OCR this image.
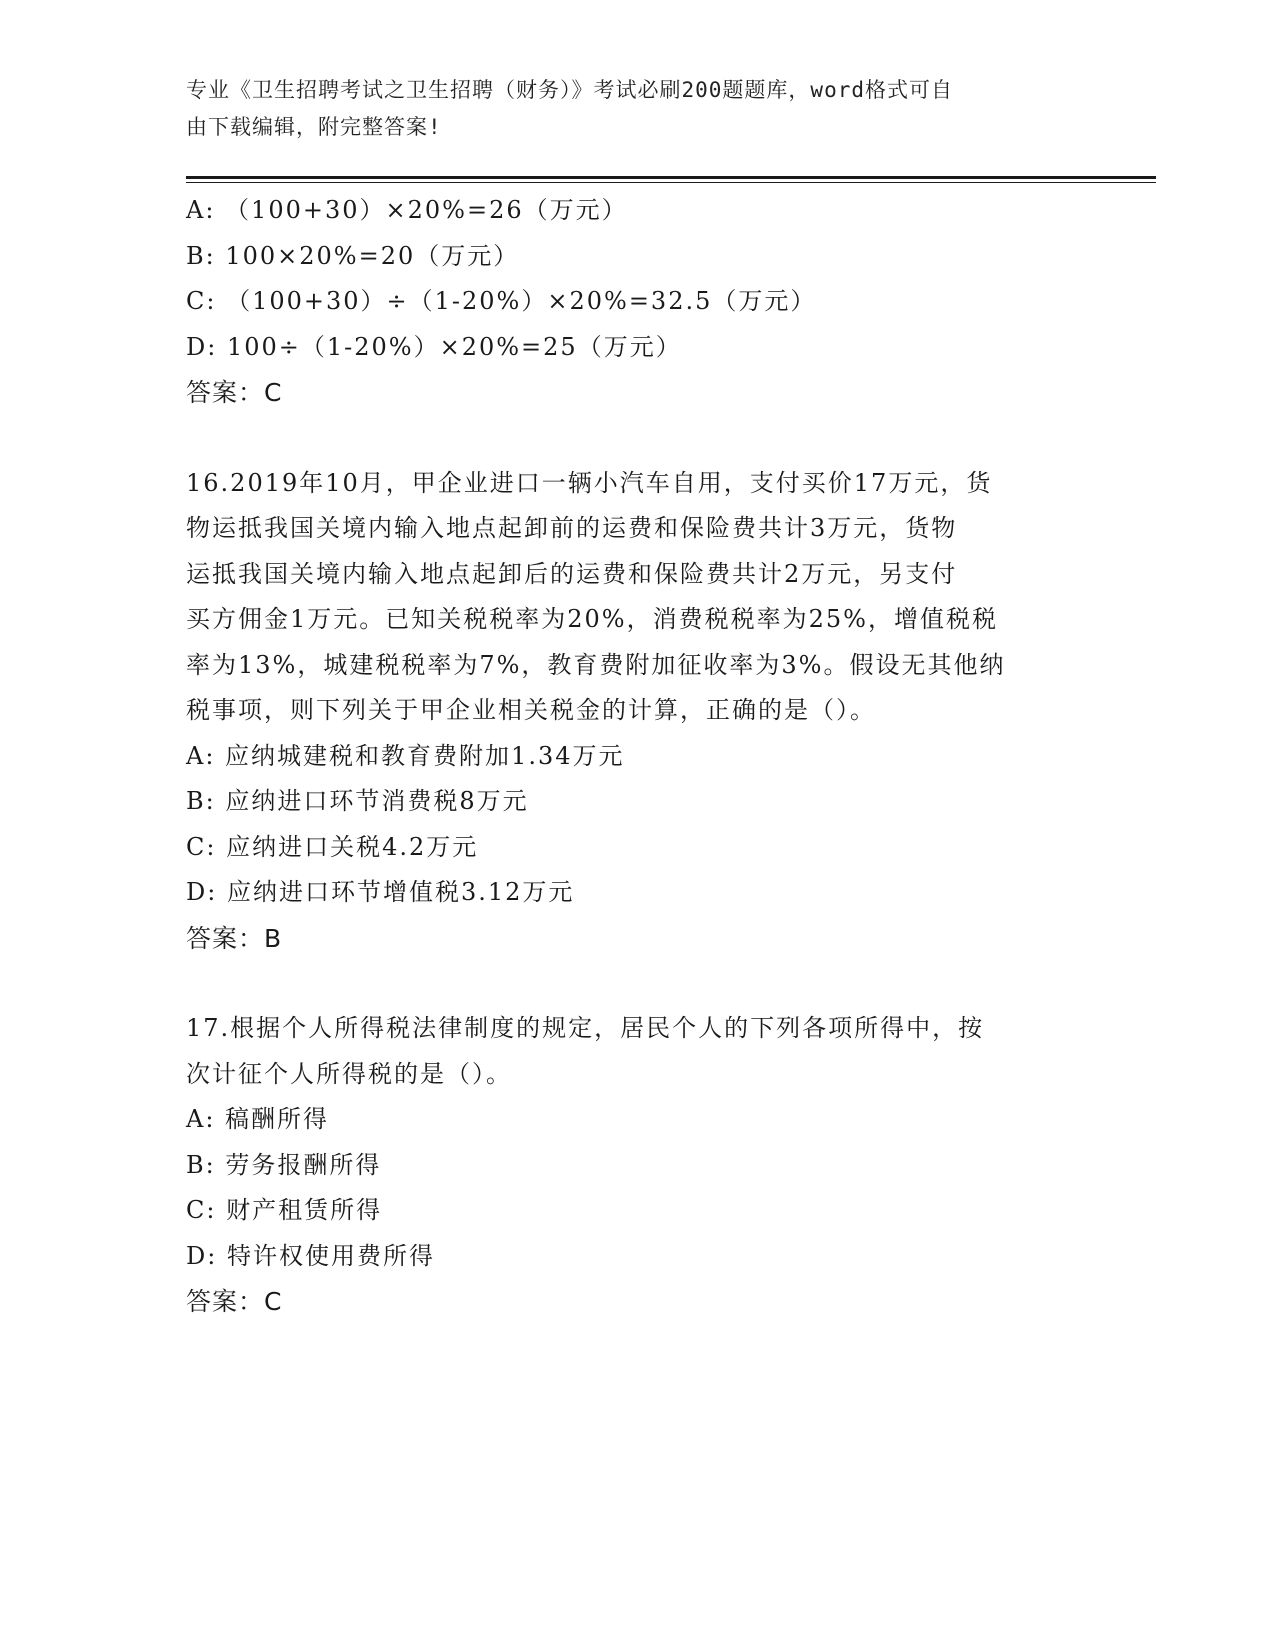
专业《卫生招聘考试之卫生招聘（财务）》考试必刷200题题库，word格式可自
由下载编辑，附完整答案!
A: （100+30）×20%=26（万元）
B: 100×20%=20（万元）
C: （100+30）÷（1-20%）×20%=32.5（万元）
D: 100÷（1-20%）×20%=25（万元）
答案：C
16.2019年10月，甲企业进口一辆小汽车自用，支付买价17万元，货
物运抵我国关境内输入地点起卸前的运费和保险费共计3万元，货物
运抵我国关境内输入地点起卸后的运费和保险费共计2万元，另支付
买方佣金1万元。已知关税税率为20%，消费税税率为25%，增值税税
率为13%，城建税税率为7%，教育费附加征收率为3%。假设无其他纳
税事项，则下列关于甲企业相关税金的计算，正确的是（）。
A: 应纳城建税和教育费附加1.34万元
B: 应纳进口环节消费税8万元
C: 应纳进口关税4.2万元
D: 应纳进口环节增值税3.12万元
答案：B
17.根据个人所得税法律制度的规定，居民个人的下列各项所得中，按
次计征个人所得税的是（）。
A: 稿酬所得
B: 劳务报酬所得
C: 财产租赁所得
D: 特许权使用费所得
答案：C
